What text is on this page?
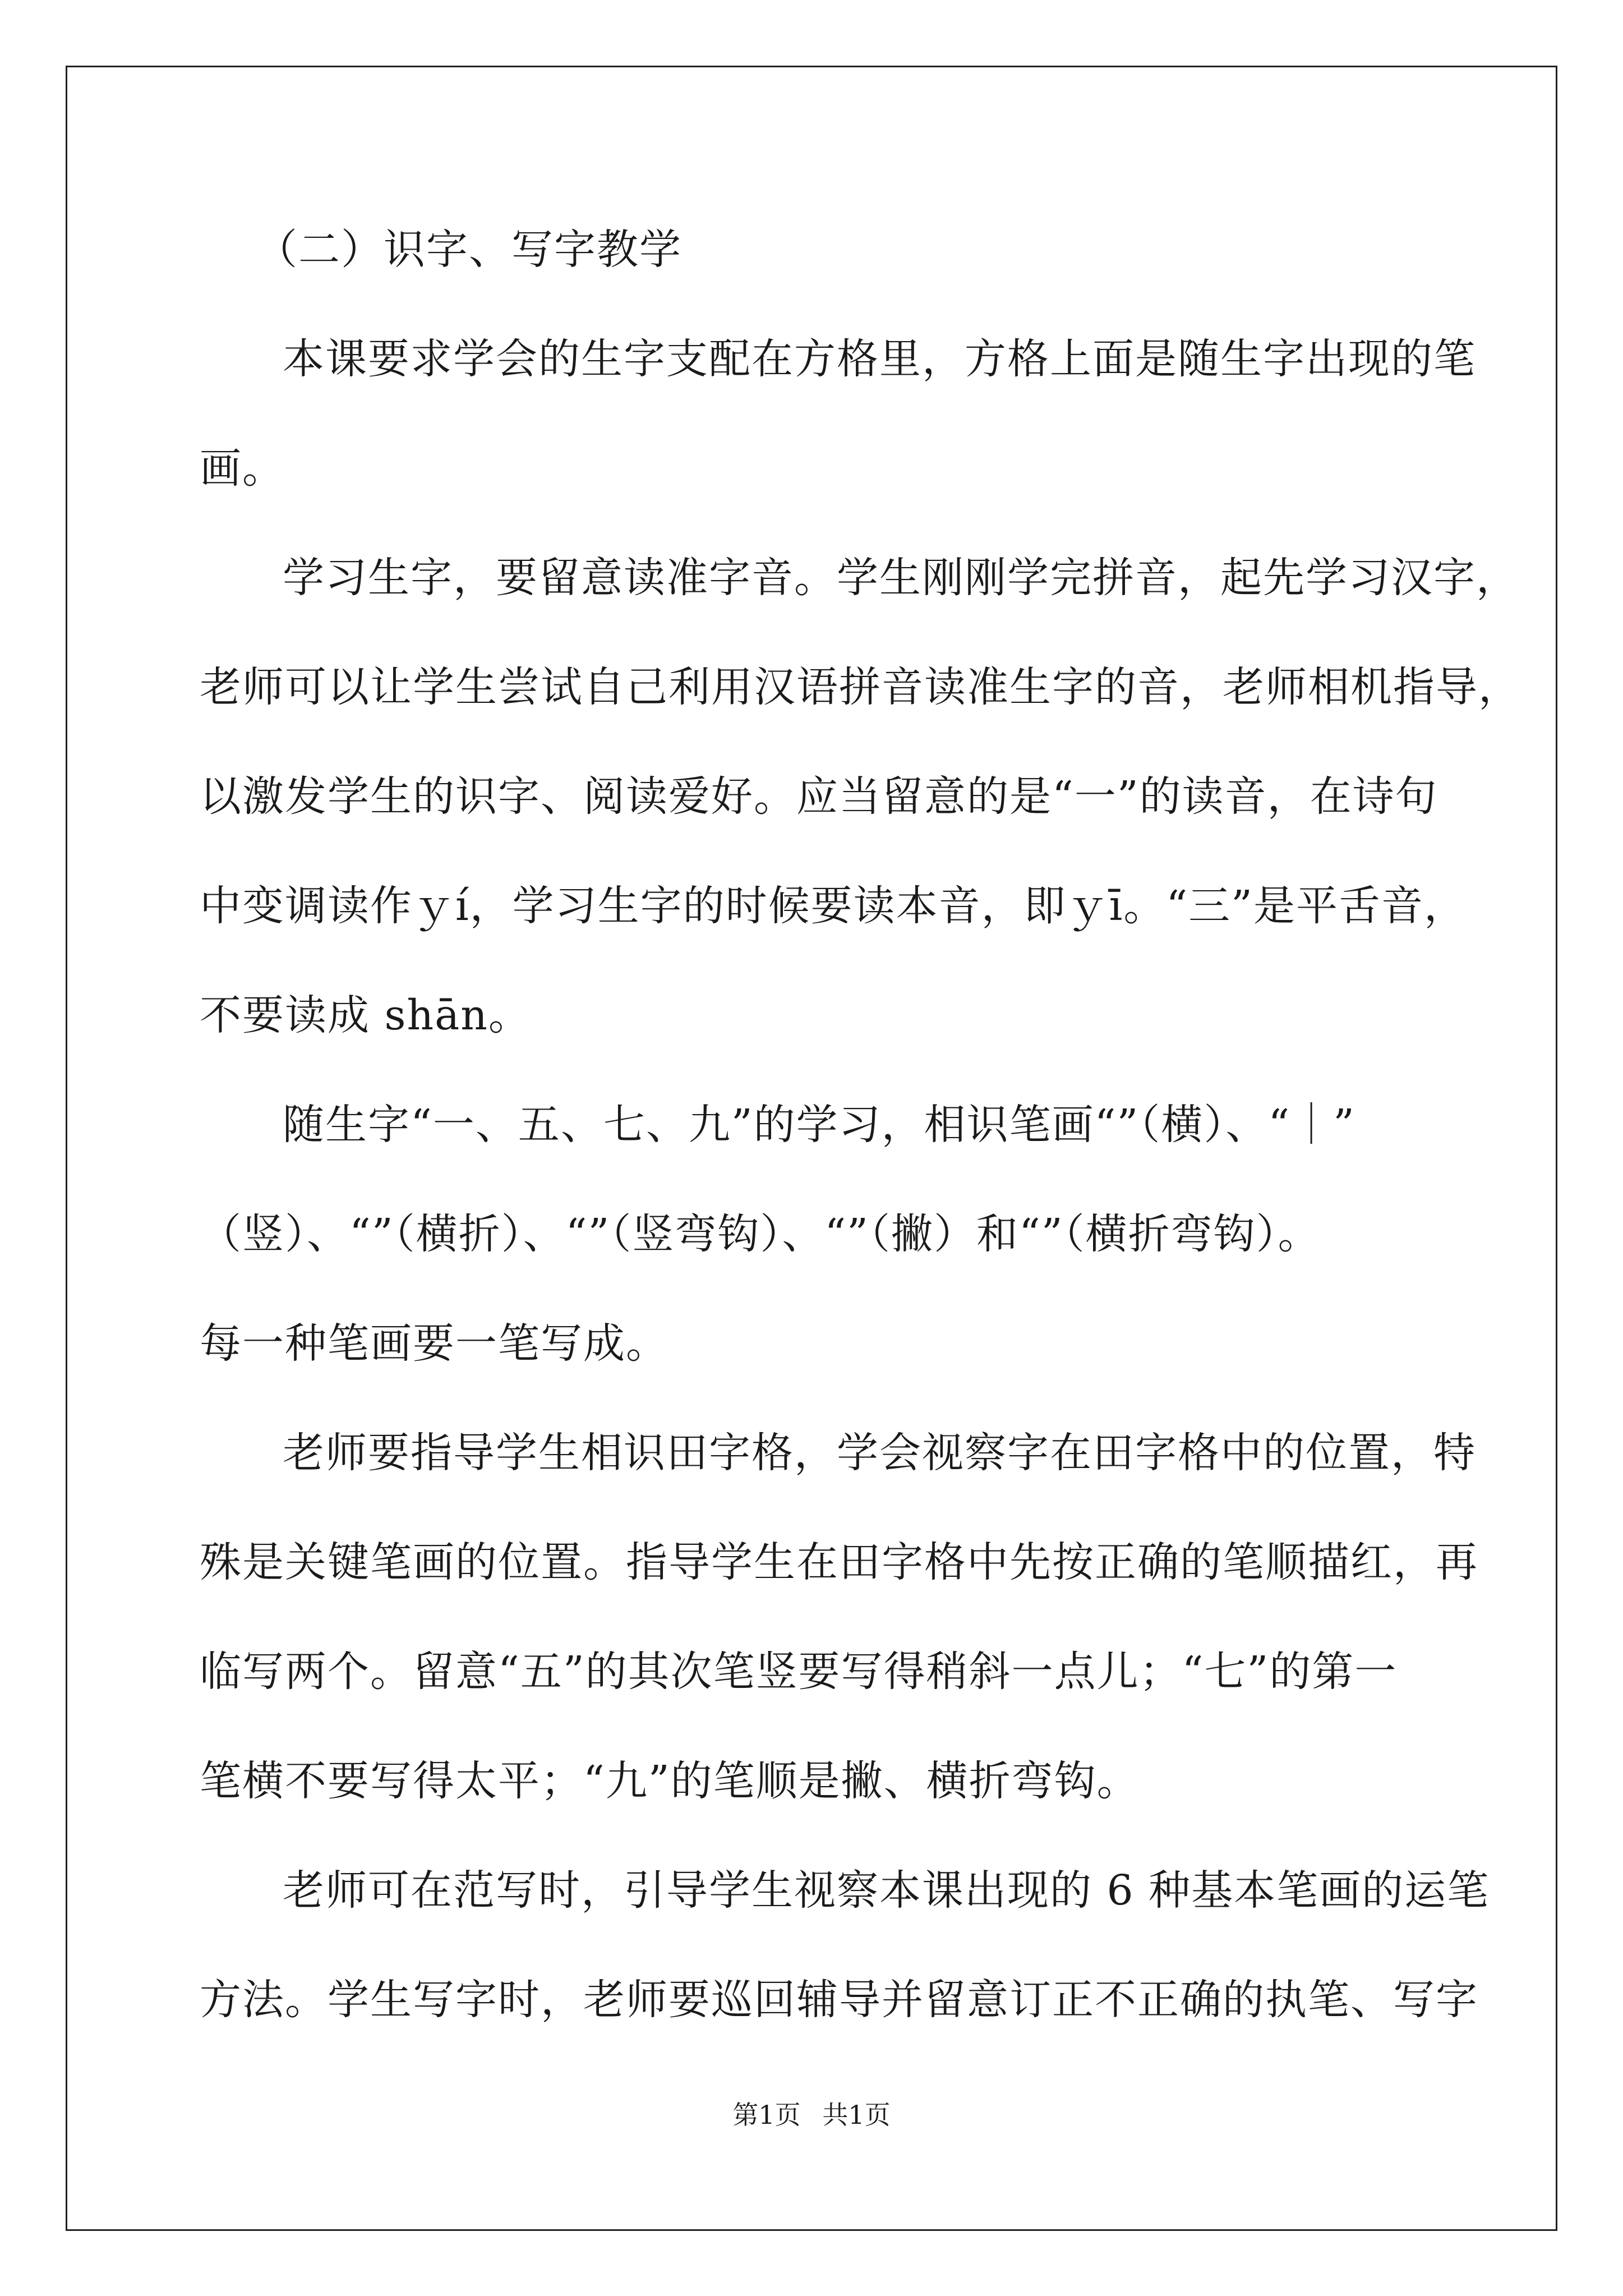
（二）识字、写字教学
本课要求学会的生字支配在方格里，方格上面是随生字出现的笔
画。
学习生字，要留意读准字音。学生刚刚学完拼音，起先学习汉字，
老师可以让学生尝试自己利用汉语拼音读准生字的音，老师相机指导，
以激发学生的识字、阅读爱好。应当留意的是“一”的读音，在诗句
中变调读作ｙí，学习生字的时候要读本音，即ｙī。“三”是平舌音，
不要读成 shān。
随生字“一、五、七、九”的学习，相识笔画“”（横）、“｜”
（竖）、“”（横折）、“”（竖弯钩）、“”（撇）和“”（横折弯钩）。
每一种笔画要一笔写成。
老师要指导学生相识田字格，学会视察字在田字格中的位置，特
殊是关键笔画的位置。指导学生在田字格中先按正确的笔顺描红，再
临写两个。留意“五”的其次笔竖要写得稍斜一点儿；“七”的第一
笔横不要写得太平；“九”的笔顺是撇、横折弯钩。
老师可在范写时，引导学生视察本课出现的 6 种基本笔画的运笔
方法。学生写字时，老师要巡回辅导并留意订正不正确的执笔、写字
第1页 共1页
